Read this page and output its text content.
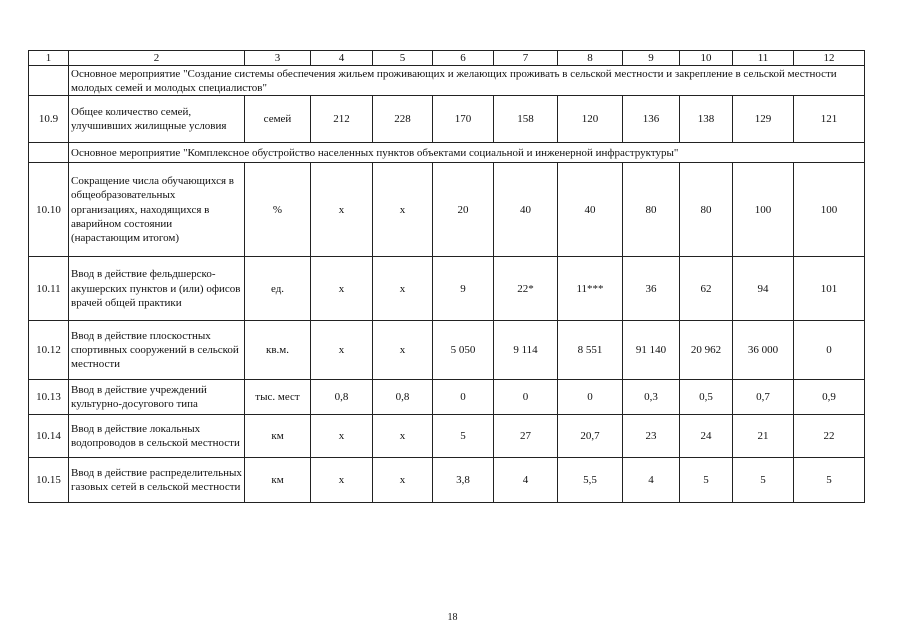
1	2	3	4	5	6	7	8	9	10	11	12
	Основное мероприятие "Создание системы обеспечения жильем проживающих и желающих проживать в сельской местности и закрепление в сельской местности молодых семей и молодых специалистов"										
10.9	Общее количество семей, улучшивших жилищные условия	семей	212	228	170	158	120	136	138	129	121
	Основное мероприятие "Комплексное обустройство населенных пунктов объектами социальной и инженерной инфраструктуры"										
10.10	Сокращение числа обучающихся в общеобразовательных организациях, находящихся в аварийном состоянии (нарастающим итогом)	%	х	х	20	40	40	80	80	100	100
10.11	Ввод в действие фельдшерско-акушерских пунктов и (или) офисов врачей общей практики	ед.	х	х	9	22*	11***	36	62	94	101
10.12	Ввод в действие плоскостных спортивных сооружений в сельской местности	кв.м.	х	х	5 050	9 114	8 551	91 140	20 962	36 000	0
10.13	Ввод в действие учреждений культурно-досугового типа	тыс. мест	0,8	0,8	0	0	0	0,3	0,5	0,7	0,9
10.14	Ввод в действие локальных водопроводов в сельской местности	км	х	х	5	27	20,7	23	24	21	22
10.15	Ввод в действие распределительных газовых сетей в сельской местности	км	х	х	3,8	4	5,5	4	5	5	5
18
